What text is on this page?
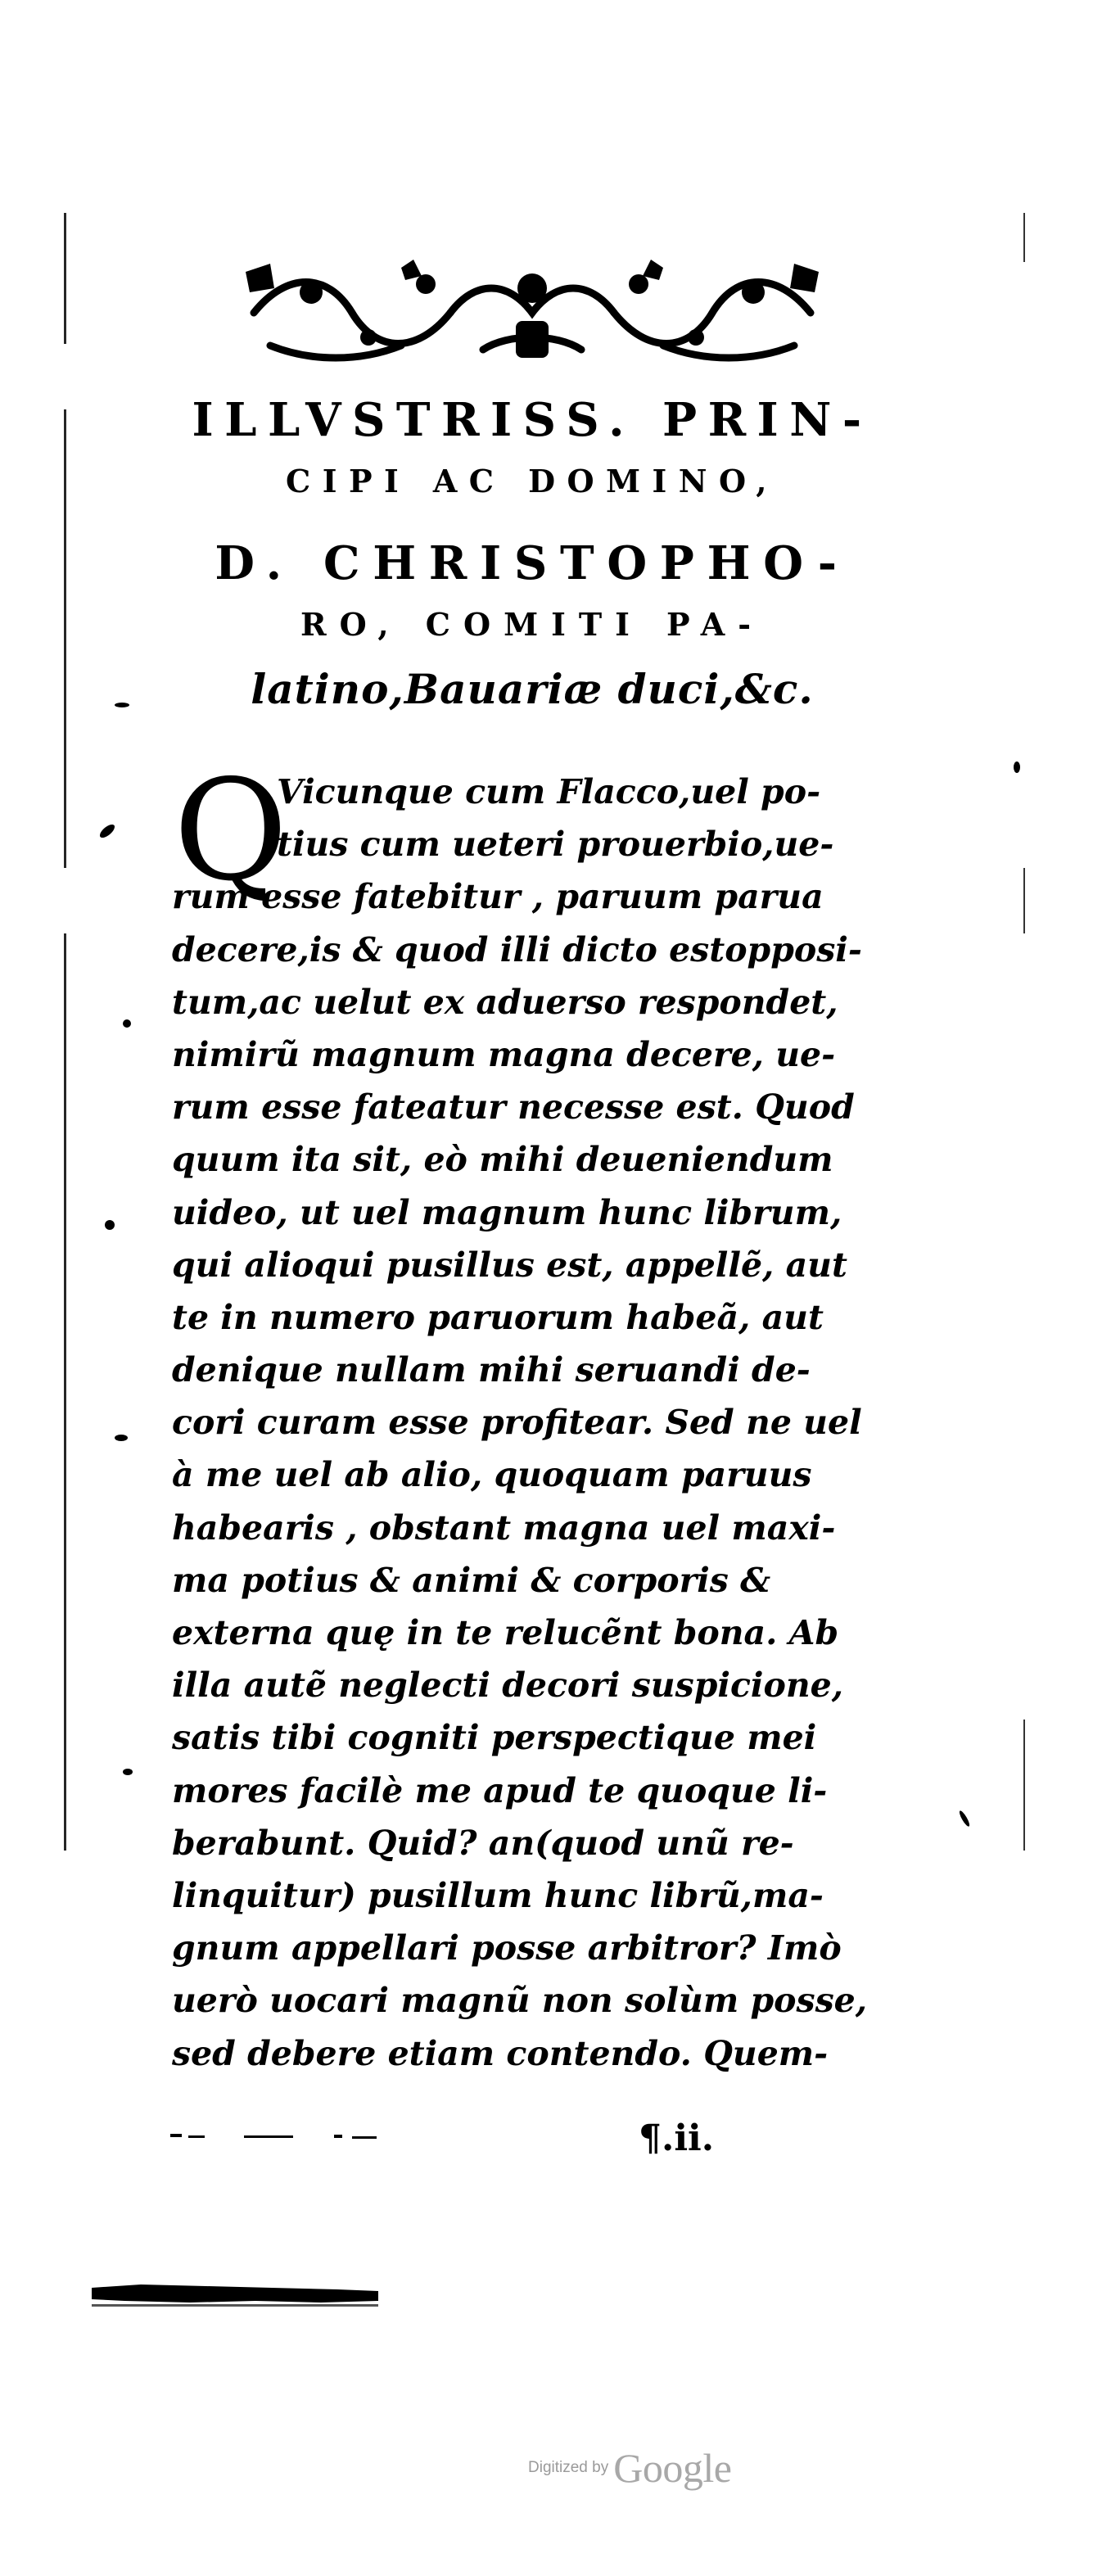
ILLVSTRISS. PRIN-
CIPI AC DOMINO,
D. CHRISTOPHO-
RO, COMITI PA-
latino,Bauariæ duci,&c.
Q
Vicunque cum Flacco,uel po-
tius cum ueteri prouerbio,ue-
rum esse fatebitur , paruum parua
decere,is & quod illi dicto estopposi-
tum,ac uelut ex aduerso respondet,
nimirũ magnum magna decere, ue-
rum esse fateatur necesse est. Quod
quum ita sit, eò mihi deueniendum
uideo, ut uel magnum hunc librum,
qui alioqui pusillus est, appellẽ, aut
te in numero paruorum habeã, aut
denique nullam mihi seruandi de-
cori curam esse profitear. Sed ne uel
à me uel ab alio, quoquam paruus
habearis , obstant magna uel maxi-
ma potius & animi & corporis &
externa quę in te relucẽnt bona. Ab
illa autẽ neglecti decori suspicione,
satis tibi cogniti perspectique mei
mores facilè me apud te quoque li-
berabunt. Quid? an(quod unũ re-
linquitur) pusillum hunc librũ,ma-
gnum appellari posse arbitror? Imò
uerò uocari magnũ non solùm posse,
sed debere etiam contendo. Quem-
¶.ii.
Digitized by Google
